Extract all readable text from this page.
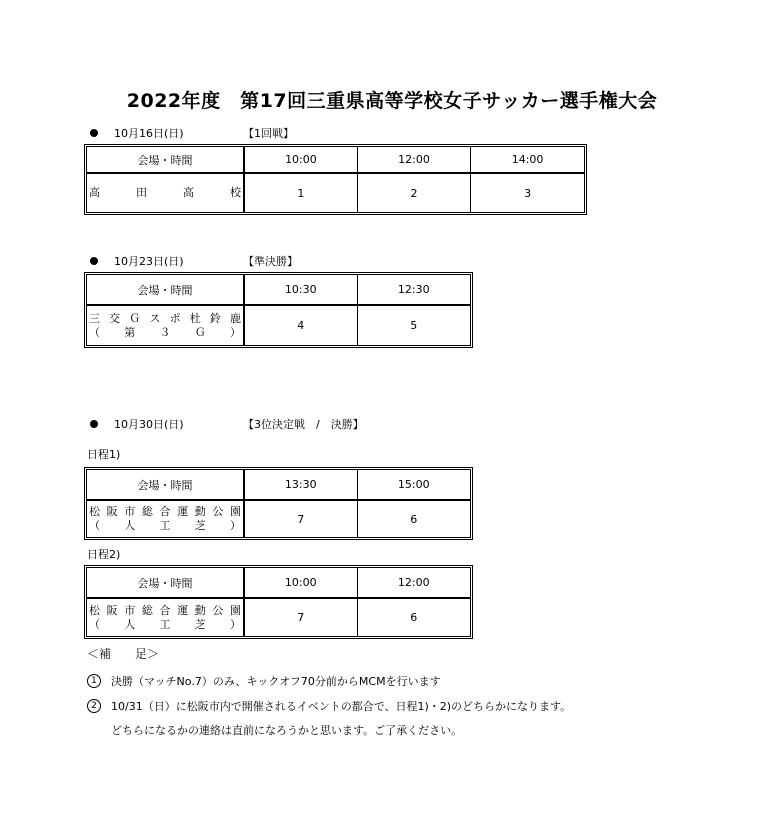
2022年度　第17回三重県高等学校女子サッカー選手権大会
10月16日(日)	【1回戦】
会場・時間	10:00	12:00	14:00

高　田　高　校	1	2	3
10月23日(日)	【準決勝】
会場・時間	10:30	12:30

三交Ｇスポ杜鈴鹿
（第３Ｇ）	4	5
10月30日(日)	【3位決定戦　/　決勝】
日程1)
会場・時間	13:30	15:00

松阪市総合運動公園
（人工芝）	7	6
日程2)
会場・時間	10:00	12:00

松阪市総合運動公園
（人工芝）	7	6
＜補　　足＞
1 決勝（マッチNo.7）のみ、キックオフ70分前からMCMを行います
2 10/31（日）に松阪市内で開催されるイベントの都合で、日程1)・2)のどちらかになります。
どちらになるかの連絡は直前になろうかと思います。ご了承ください。
